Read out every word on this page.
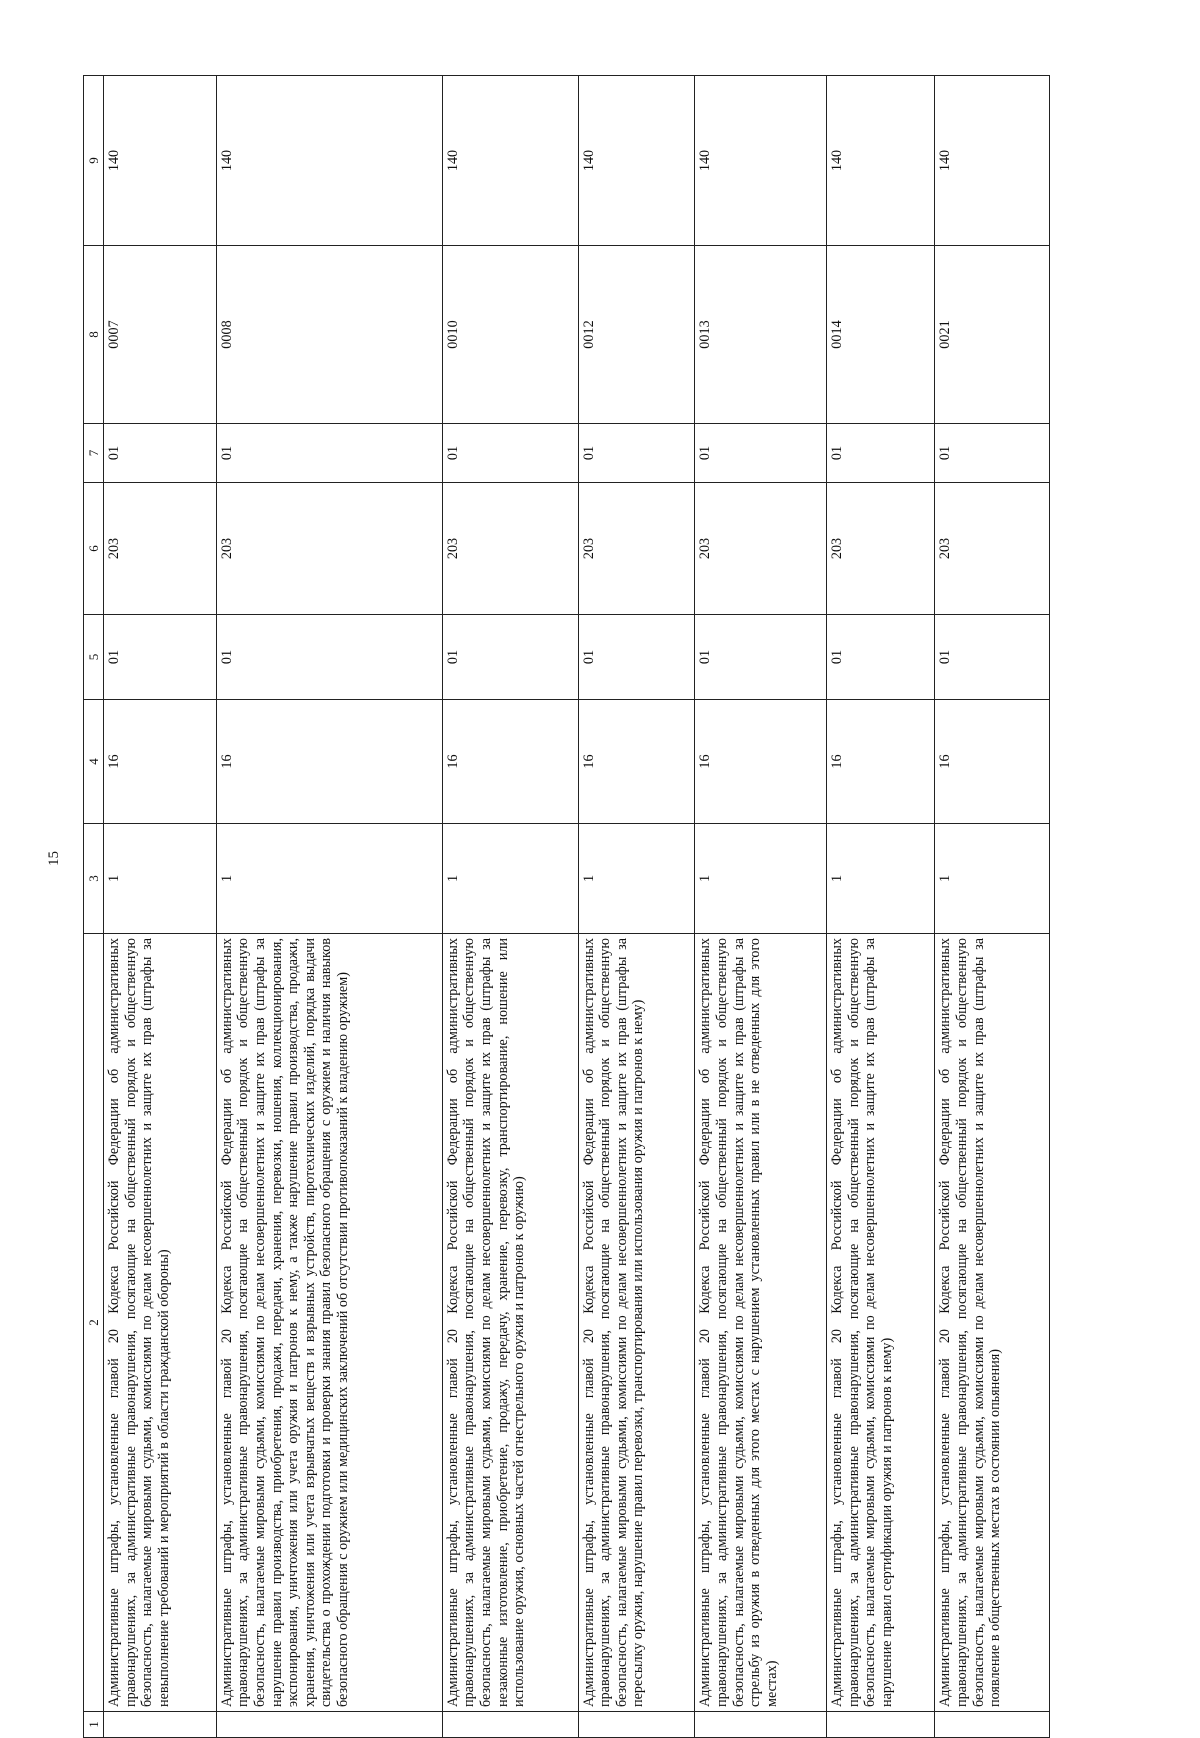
15
1	2	3	4	5	6	7	8	9
	Административные штрафы, установленные главой 20 Кодекса Российской Федерации об административных правонарушениях, за административные правонарушения, посягающие на общественный порядок и общественную безопасность, налагаемые мировыми судьями, комиссиями по делам несовершеннолетних и защите их прав (штрафы за невыполнение требований и мероприятий в области гражданской обороны)	1	16	01	203	01	0007	140
	Административные штрафы, установленные главой 20 Кодекса Российской Федерации об административных правонарушениях, за административные правонарушения, посягающие на общественный порядок и общественную безопасность, налагаемые мировыми судьями, комиссиями по делам несовершеннолетних и защите их прав (штрафы за нарушение правил производства, приобретения, продажи, передачи, хранения, перевозки, ношения, коллекционирования, экспонирования, уничтожения или учета оружия и патронов к нему, а также нарушение правил производства, продажи, хранения, уничтожения или учета взрывчатых веществ и взрывных устройств, пиротехнических изделий, порядка выдачи свидетельства о прохождении подготовки и проверки знания правил безопасного обращения с оружием и наличия навыков безопасного обращения с оружием или медицинских заключений об отсутствии противопоказаний к владению оружием)	1	16	01	203	01	0008	140
	Административные штрафы, установленные главой 20 Кодекса Российской Федерации об административных правонарушениях, за административные правонарушения, посягающие на общественный порядок и общественную безопасность, налагаемые мировыми судьями, комиссиями по делам несовершеннолетних и защите их прав (штрафы за незаконные изготовление, приобретение, продажу, передачу, хранение, перевозку, транспортирование, ношение или использование оружия, основных частей огнестрельного оружия и патронов к оружию)	1	16	01	203	01	0010	140
	Административные штрафы, установленные главой 20 Кодекса Российской Федерации об административных правонарушениях, за административные правонарушения, посягающие на общественный порядок и общественную безопасность, налагаемые мировыми судьями, комиссиями по делам несовершеннолетних и защите их прав (штрафы за пересылку оружия, нарушение правил перевозки, транспортирования или использования оружия и патронов к нему)	1	16	01	203	01	0012	140
	Административные штрафы, установленные главой 20 Кодекса Российской Федерации об административных правонарушениях, за административные правонарушения, посягающие на общественный порядок и общественную безопасность, налагаемые мировыми судьями, комиссиями по делам несовершеннолетних и защите их прав (штрафы за стрельбу из оружия в отведенных для этого местах с нарушением установленных правил или в не отведенных для этого местах)	1	16	01	203	01	0013	140
	Административные штрафы, установленные главой 20 Кодекса Российской Федерации об административных правонарушениях, за административные правонарушения, посягающие на общественный порядок и общественную безопасность, налагаемые мировыми судьями, комиссиями по делам несовершеннолетних и защите их прав (штрафы за нарушение правил сертификации оружия и патронов к нему)	1	16	01	203	01	0014	140
	Административные штрафы, установленные главой 20 Кодекса Российской Федерации об административных правонарушениях, за административные правонарушения, посягающие на общественный порядок и общественную безопасность, налагаемые мировыми судьями, комиссиями по делам несовершеннолетних и защите их прав (штрафы за появление в общественных местах в состоянии опьянения)	1	16	01	203	01	0021	140
